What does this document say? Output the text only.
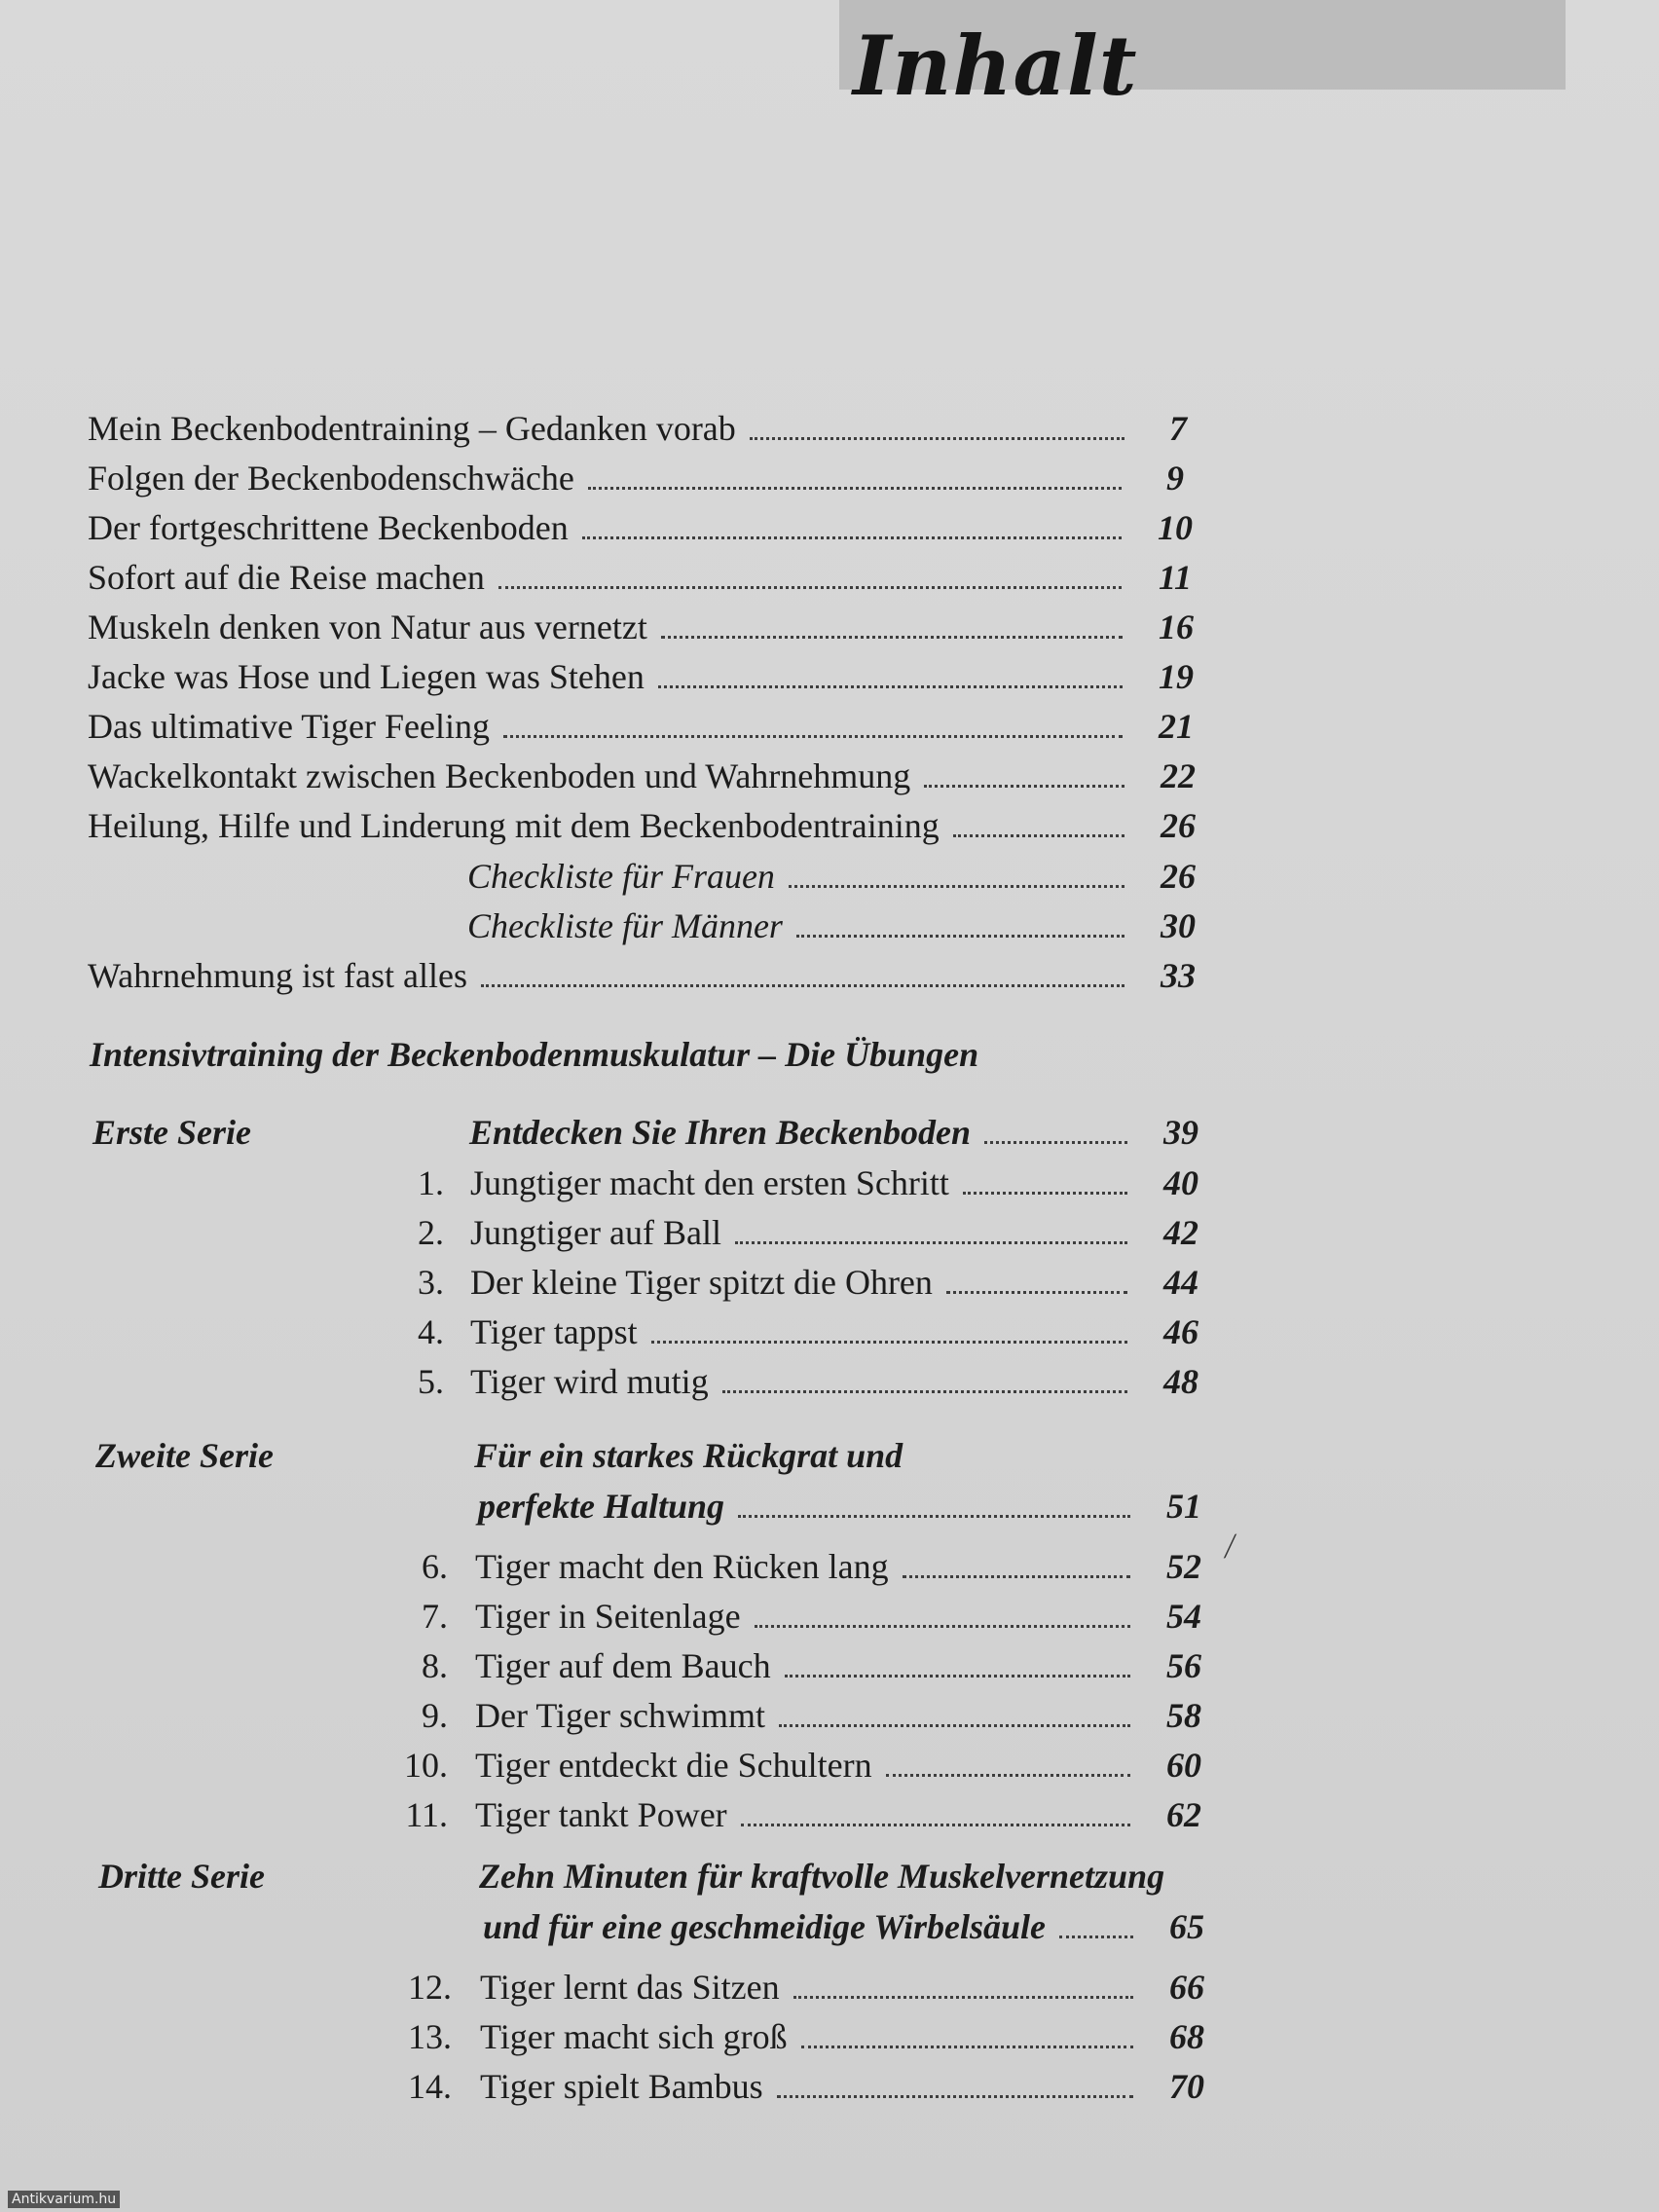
Inhalt
Mein Beckenbodentraining – Gedanken vorab	7
Folgen der Beckenbodenschwäche	9
Der fortgeschrittene Beckenboden	10
Sofort auf die Reise machen	11
Muskeln denken von Natur aus vernetzt	16
Jacke was Hose und Liegen was Stehen	19
Das ultimative Tiger Feeling	21
Wackelkontakt zwischen Beckenboden und Wahrnehmung	22
Heilung, Hilfe und Linderung mit dem Beckenbodentraining	26
Checkliste für Frauen	26
Checkliste für Männer	30
Wahrnehmung ist fast alles	33
Intensivtraining der Beckenbodenmuskulatur – Die Übungen
Erste Serie	Entdecken Sie Ihren Beckenboden	39
1. Jungtiger macht den ersten Schritt	40
2. Jungtiger auf Ball	42
3. Der kleine Tiger spitzt die Ohren	44
4. Tiger tappst	46
5. Tiger wird mutig	48
Zweite Serie	Für ein starkes Rückgrat und
perfekte Haltung	51
6. Tiger macht den Rücken lang	52
7. Tiger in Seitenlage	54
8. Tiger auf dem Bauch	56
9. Der Tiger schwimmt	58
10. Tiger entdeckt die Schultern	60
11. Tiger tankt Power	62
Dritte Serie	Zehn Minuten für kraftvolle Muskelvernetzung
und für eine geschmeidige Wirbelsäule	65
12. Tiger lernt das Sitzen	66
13. Tiger macht sich groß	68
14. Tiger spielt Bambus	70
⟋
Antikvarium.hu
